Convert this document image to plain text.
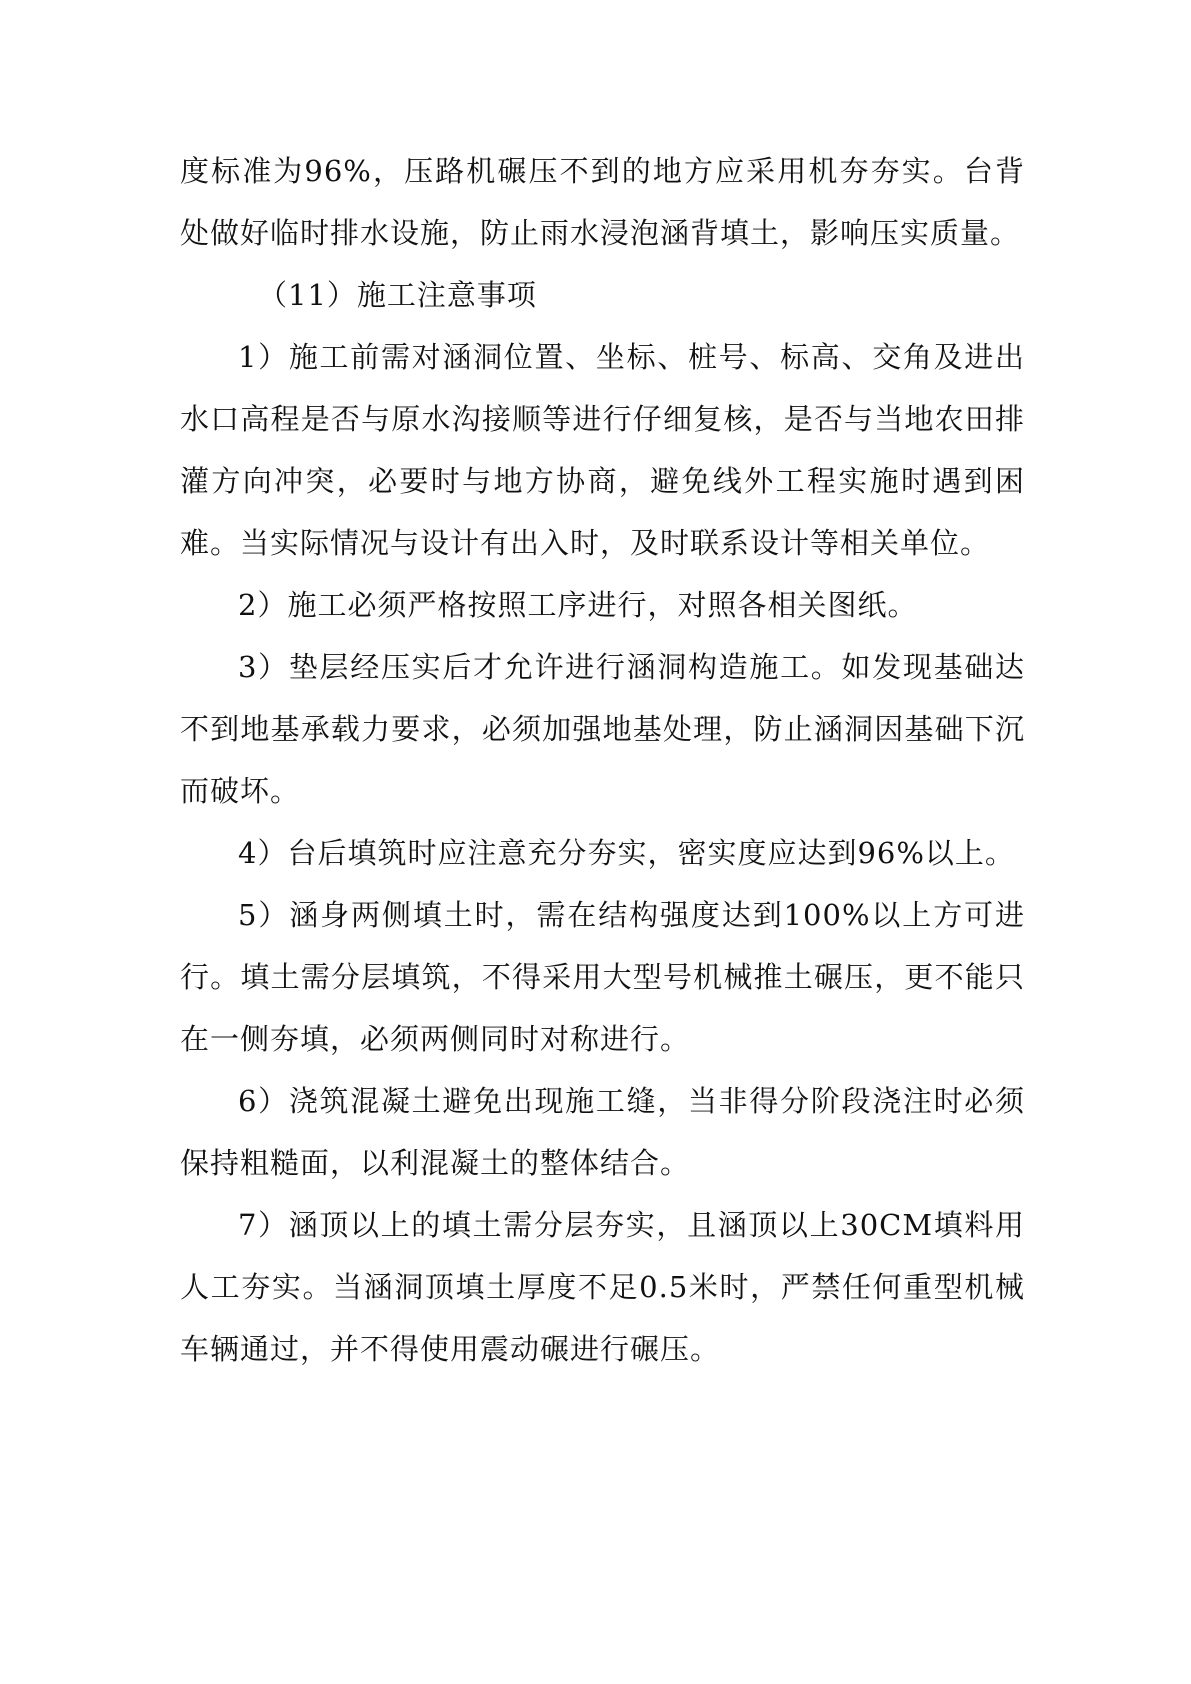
度标准为96%，压路机碾压不到的地方应采用机夯夯实。台背处做好临时排水设施，防止雨水浸泡涵背填土，影响压实质量。

（11）施工注意事项

1）施工前需对涵洞位置、坐标、桩号、标高、交角及进出水口高程是否与原水沟接顺等进行仔细复核，是否与当地农田排灌方向冲突，必要时与地方协商，避免线外工程实施时遇到困难。当实际情况与设计有出入时，及时联系设计等相关单位。

2）施工必须严格按照工序进行，对照各相关图纸。

3）垫层经压实后才允许进行涵洞构造施工。如发现基础达不到地基承载力要求，必须加强地基处理，防止涵洞因基础下沉而破坏。

4）台后填筑时应注意充分夯实，密实度应达到96%以上。

5）涵身两侧填土时，需在结构强度达到100%以上方可进行。填土需分层填筑，不得采用大型号机械推土碾压，更不能只在一侧夯填，必须两侧同时对称进行。

6）浇筑混凝土避免出现施工缝，当非得分阶段浇注时必须保持粗糙面，以利混凝土的整体结合。

7）涵顶以上的填土需分层夯实，且涵顶以上30CM填料用人工夯实。当涵洞顶填土厚度不足0.5米时，严禁任何重型机械车辆通过，并不得使用震动碾进行碾压。
